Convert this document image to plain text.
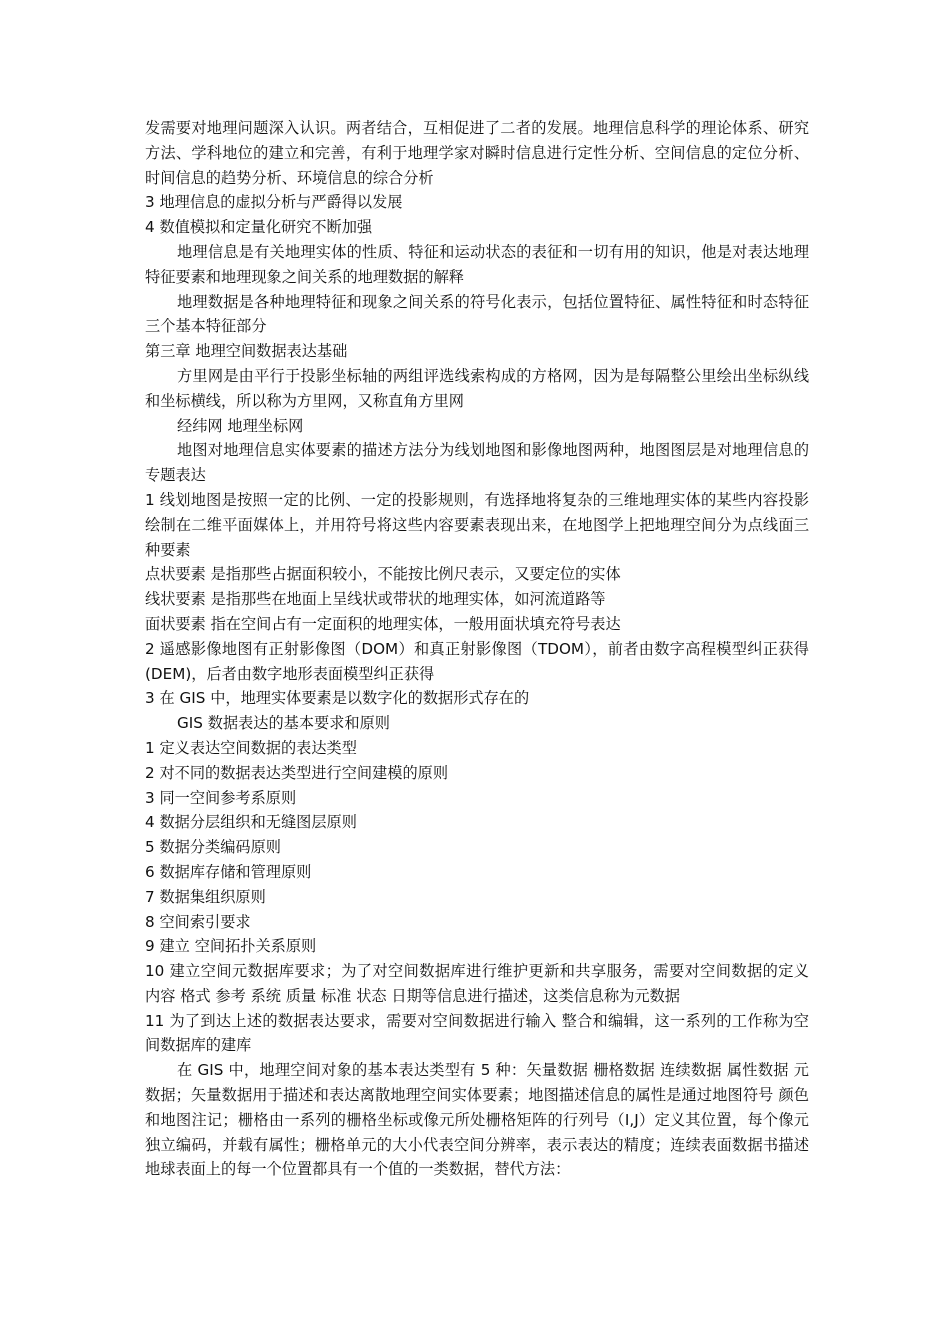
发需要对地理问题深入认识。两者结合，互相促进了二者的发展。地理信息科学的理论体系、研究方法、学科地位的建立和完善，有利于地理学家对瞬时信息进行定性分析、空间信息的定位分析、时间信息的趋势分析、环境信息的综合分析

3 地理信息的虚拟分析与严爵得以发展

4 数值模拟和定量化研究不断加强

地理信息是有关地理实体的性质、特征和运动状态的表征和一切有用的知识，他是对表达地理特征要素和地理现象之间关系的地理数据的解释

地理数据是各种地理特征和现象之间关系的符号化表示，包括位置特征、属性特征和时态特征三个基本特征部分

第三章 地理空间数据表达基础

方里网是由平行于投影坐标轴的两组评选线索构成的方格网，因为是每隔整公里绘出坐标纵线和坐标横线，所以称为方里网，又称直角方里网

经纬网 地理坐标网

地图对地理信息实体要素的描述方法分为线划地图和影像地图两种，地图图层是对地理信息的专题表达

1 线划地图是按照一定的比例、一定的投影规则，有选择地将复杂的三维地理实体的某些内容投影绘制在二维平面媒体上，并用符号将这些内容要素表现出来，在地图学上把地理空间分为点线面三种要素

点状要素 是指那些占据面积较小，不能按比例尺表示，又要定位的实体

线状要素 是指那些在地面上呈线状或带状的地理实体，如河流道路等

面状要素 指在空间占有一定面积的地理实体，一般用面状填充符号表达

2 遥感影像地图有正射影像图（DOM）和真正射影像图（TDOM），前者由数字高程模型纠正获得(DEM)，后者由数字地形表面模型纠正获得

3 在 GIS 中，地理实体要素是以数字化的数据形式存在的

GIS 数据表达的基本要求和原则

1 定义表达空间数据的表达类型

2 对不同的数据表达类型进行空间建模的原则

3 同一空间参考系原则

4 数据分层组织和无缝图层原则

5 数据分类编码原则

6 数据库存储和管理原则

7 数据集组织原则

8 空间索引要求

9 建立 空间拓扑关系原则

10 建立空间元数据库要求；为了对空间数据库进行维护更新和共享服务，需要对空间数据的定义 内容 格式 参考 系统 质量 标准 状态 日期等信息进行描述，这类信息称为元数据

11 为了到达上述的数据表达要求，需要对空间数据进行输入 整合和编辑，这一系列的工作称为空间数据库的建库

在 GIS 中，地理空间对象的基本表达类型有 5 种：矢量数据 栅格数据 连续数据 属性数据 元数据；矢量数据用于描述和表达离散地理空间实体要素；地图描述信息的属性是通过地图符号 颜色和地图注记；栅格由一系列的栅格坐标或像元所处栅格矩阵的行列号（I,J）定义其位置，每个像元独立编码，并载有属性；栅格单元的大小代表空间分辨率，表示表达的精度；连续表面数据书描述地球表面上的每一个位置都具有一个值的一类数据，替代方法：
